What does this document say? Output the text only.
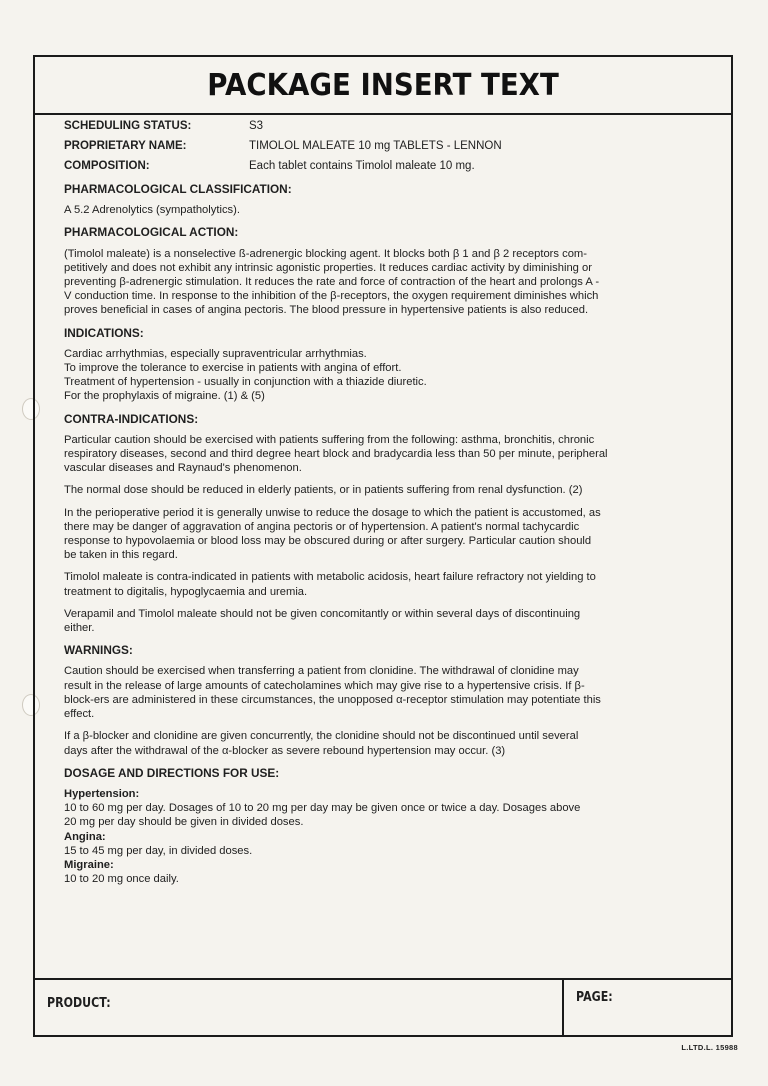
PACKAGE INSERT TEXT
SCHEDULING STATUS:	S3
PROPRIETARY NAME:	TIMOLOL MALEATE 10 mg TABLETS - LENNON
COMPOSITION:	Each tablet contains Timolol maleate 10 mg.
PHARMACOLOGICAL CLASSIFICATION:

A 5.2 Adrenolytics (sympatholytics).

PHARMACOLOGICAL ACTION:

(Timolol maleate) is a nonselective ß-adrenergic blocking agent. It blocks both β 1 and β 2 receptors com-
petitively and does not exhibit any intrinsic agonistic properties. It reduces cardiac activity by diminishing or
preventing β-adrenergic stimulation. It reduces the rate and force of contraction of the heart and prolongs A -
V conduction time. In response to the inhibition of the β-receptors, the oxygen requirement diminishes which
proves beneficial in cases of angina pectoris. The blood pressure in hypertensive patients is also reduced.

INDICATIONS:

Cardiac arrhythmias, especially supraventricular arrhythmias.
To improve the tolerance to exercise in patients with angina of effort.
Treatment of hypertension - usually in conjunction with a thiazide diuretic.
For the prophylaxis of migraine. (1) & (5)

CONTRA-INDICATIONS:

Particular caution should be exercised with patients suffering from the following: asthma, bronchitis, chronic
respiratory diseases, second and third degree heart block and bradycardia less than 50 per minute, peripheral
vascular diseases and Raynaud's phenomenon.

The normal dose should be reduced in elderly patients, or in patients suffering from renal dysfunction. (2)

In the perioperative period it is generally unwise to reduce the dosage to which the patient is accustomed, as
there may be danger of aggravation of angina pectoris or of hypertension. A patient's normal tachycardic
response to hypovolaemia or blood loss may be obscured during or after surgery. Particular caution should
be taken in this regard.

Timolol maleate is contra-indicated in patients with metabolic acidosis, heart failure refractory not yielding to
treatment to digitalis, hypoglycaemia and uremia.

Verapamil and Timolol maleate should not be given concomitantly or within several days of discontinuing
either.

WARNINGS:

Caution should be exercised when transferring a patient from clonidine. The withdrawal of clonidine may
result in the release of large amounts of catecholamines which may give rise to a hypertensive crisis. If β-
block-ers are administered in these circumstances, the unopposed α-receptor stimulation may potentiate this
effect.

If a β-blocker and clonidine are given concurrently, the clonidine should not be discontinued until several
days after the withdrawal of the α-blocker as severe rebound hypertension may occur. (3)

DOSAGE AND DIRECTIONS FOR USE:
Hypertension:
10 to 60 mg per day. Dosages of 10 to 20 mg per day may be given once or twice a day. Dosages above
20 mg per day should be given in divided doses.
Angina:
15 to 45 mg per day, in divided doses.
Migraine:
10 to 20 mg once daily.
PRODUCT:	PAGE:
L.LTD.L. 15988
